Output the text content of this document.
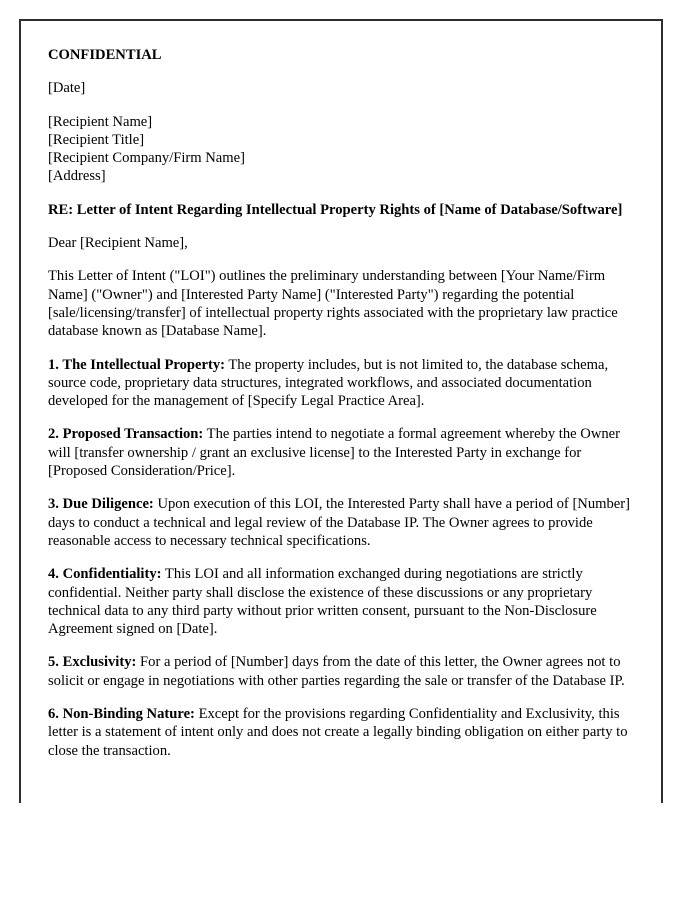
CONFIDENTIAL

[Date]

[Recipient Name]
[Recipient Title]
[Recipient Company/Firm Name]
[Address]

RE: Letter of Intent Regarding Intellectual Property Rights of [Name of Database/Software]

Dear [Recipient Name],

This Letter of Intent ("LOI") outlines the preliminary understanding between [Your Name/Firm Name] ("Owner") and [Interested Party Name] ("Interested Party") regarding the potential [sale/licensing/transfer] of intellectual property rights associated with the proprietary law practice database known as [Database Name].

1. The Intellectual Property: The property includes, but is not limited to, the database schema, source code, proprietary data structures, integrated workflows, and associated documentation developed for the management of [Specify Legal Practice Area].

2. Proposed Transaction: The parties intend to negotiate a formal agreement whereby the Owner will [transfer ownership / grant an exclusive license] to the Interested Party in exchange for [Proposed Consideration/Price].

3. Due Diligence: Upon execution of this LOI, the Interested Party shall have a period of [Number] days to conduct a technical and legal review of the Database IP. The Owner agrees to provide reasonable access to necessary technical specifications.

4. Confidentiality: This LOI and all information exchanged during negotiations are strictly confidential. Neither party shall disclose the existence of these discussions or any proprietary technical data to any third party without prior written consent, pursuant to the Non-Disclosure Agreement signed on [Date].

5. Exclusivity: For a period of [Number] days from the date of this letter, the Owner agrees not to solicit or engage in negotiations with other parties regarding the sale or transfer of the Database IP.

6. Non-Binding Nature: Except for the provisions regarding Confidentiality and Exclusivity, this letter is a statement of intent only and does not create a legally binding obligation on either party to close the transaction.
